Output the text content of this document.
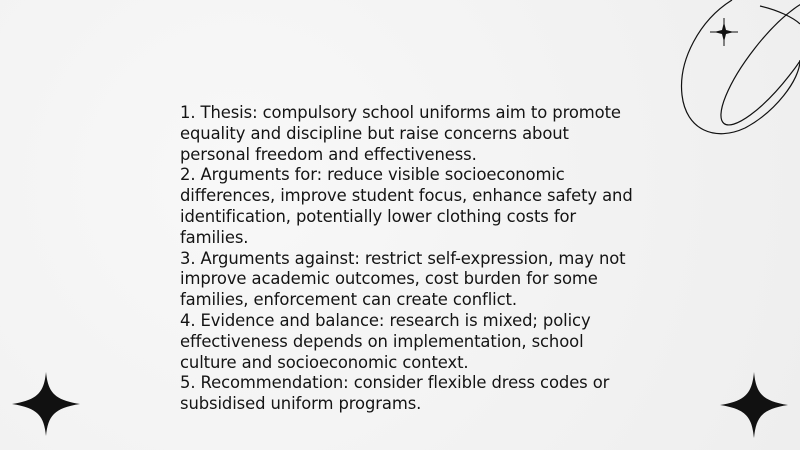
1. Thesis: compulsory school uniforms aim to promote equality and discipline but raise concerns about personal freedom and effectiveness.

2. Arguments for: reduce visible socioeconomic differences, improve student focus, enhance safety and identification, potentially lower clothing costs for families.

3. Arguments against: restrict self-expression, may not improve academic outcomes, cost burden for some families, enforcement can create conflict.

4. Evidence and balance: research is mixed; policy effectiveness depends on implementation, school culture and socioeconomic context.

5. Recommendation: consider flexible dress codes or subsidised uniform programs.
